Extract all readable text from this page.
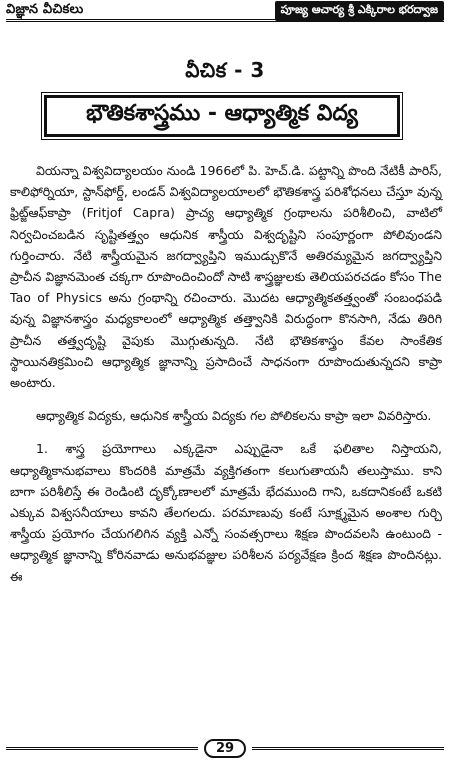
విజ్ఞాన వీచికలు	పూజ్య ఆచార్య శ్రీ ఎక్కిరాల భరద్వాజ
వీచిక - 3
భౌతికశాస్త్రము - ఆధ్యాత్మిక విద్య

వియన్నా విశ్వవిద్యాలయం నుండి 1966లో పి. హెచ్.డి. పట్టాన్ని పొంది నేటికీ పారిస్, కాలిఫోర్నియా, స్టాన్‌ఫోర్డ్, లండన్ విశ్వవిద్యాలయాలలో భౌతికశాస్త్ర పరిశోధనలు చేస్తూ వున్న ఫ్రిట్జ్‌ఆఫ్‌కాప్రా (Fritjof Capra) ప్రాచ్య ఆధ్యాత్మిక గ్రంథాలను పరిశీలించి, వాటిలో నిర్వచించబడిన సృష్టితత్త్వం ఆధునిక శాస్త్రీయ విశ్వదృష్టిని సంపూర్ణంగా పోలివుండని గుర్తించారు. నేటి శాస్త్రీయమైన జగద్వ్యాప్తిని ఇముడ్చుకొనే అతిరమ్యమైన జగద్వ్యాప్తిని ప్రాచీన విజ్ఞానమెంత చక్కగా రూపొందించిందో సాటి శాస్త్రజ్ఞులకు తెలియపరచడం కోసం The Tao of Physics అను గ్రంథాన్ని రచించారు. మొదట ఆధ్యాత్మికతత్త్వంతో సంబంధపడి వున్న విజ్ఞానశాస్త్రం మధ్యకాలంలో ఆధ్యాత్మిక తత్త్వానికి విరుద్ధంగా కొనసాగి, నేడు తిరిగి ప్రాచీన తత్త్వదృష్టి వైపుకు మొగ్గుతున్నది. నేటి భౌతికశాస్త్రం కేవల సాంకేతిక స్థాయినతిక్రమించి ఆధ్యాత్మిక జ్ఞానాన్ని ప్రసాదించే సాధనంగా రూపొందుతున్నదని కాప్రా అంటారు.

ఆధ్యాత్మిక విద్యకు, ఆధునిక శాస్త్రీయ విద్యకు గల పోలికలను కాప్రా ఇలా వివరిస్తారు.

1. శాస్త్ర ప్రయోగాలు ఎక్కడైనా ఎప్పుడైనా ఒకే ఫలితాల నిస్తాయని, ఆధ్యాత్మికానుభవాలు కొందరికి మాత్రమే వ్యక్తిగతంగా కలుగుతాయనీ తలుస్తాము. కాని బాగా పరిశీలిస్తే ఈ రెండింటి దృక్కోణాలలో మాత్రమే భేదముంది గాని, ఒకదానికంటే ఒకటి ఎక్కువ విశ్వసనీయాలు కావని తేలగలదు. పరమాణువు కంటే సూక్ష్మమైన అంశాల గుర్చి శాస్త్రీయ ప్రయోగం చేయగలిగిన వ్యక్తి ఎన్నో సంవత్సరాలు శిక్షణ పొందవలసి ఉంటుంది - ఆధ్యాత్మిక జ్ఞానాన్ని కోరినవాడు అనుభవజ్ఞుల పరిశీలన పర్యవేక్షణ క్రింద శిక్షణ పొందినట్లు. ఈ

29
